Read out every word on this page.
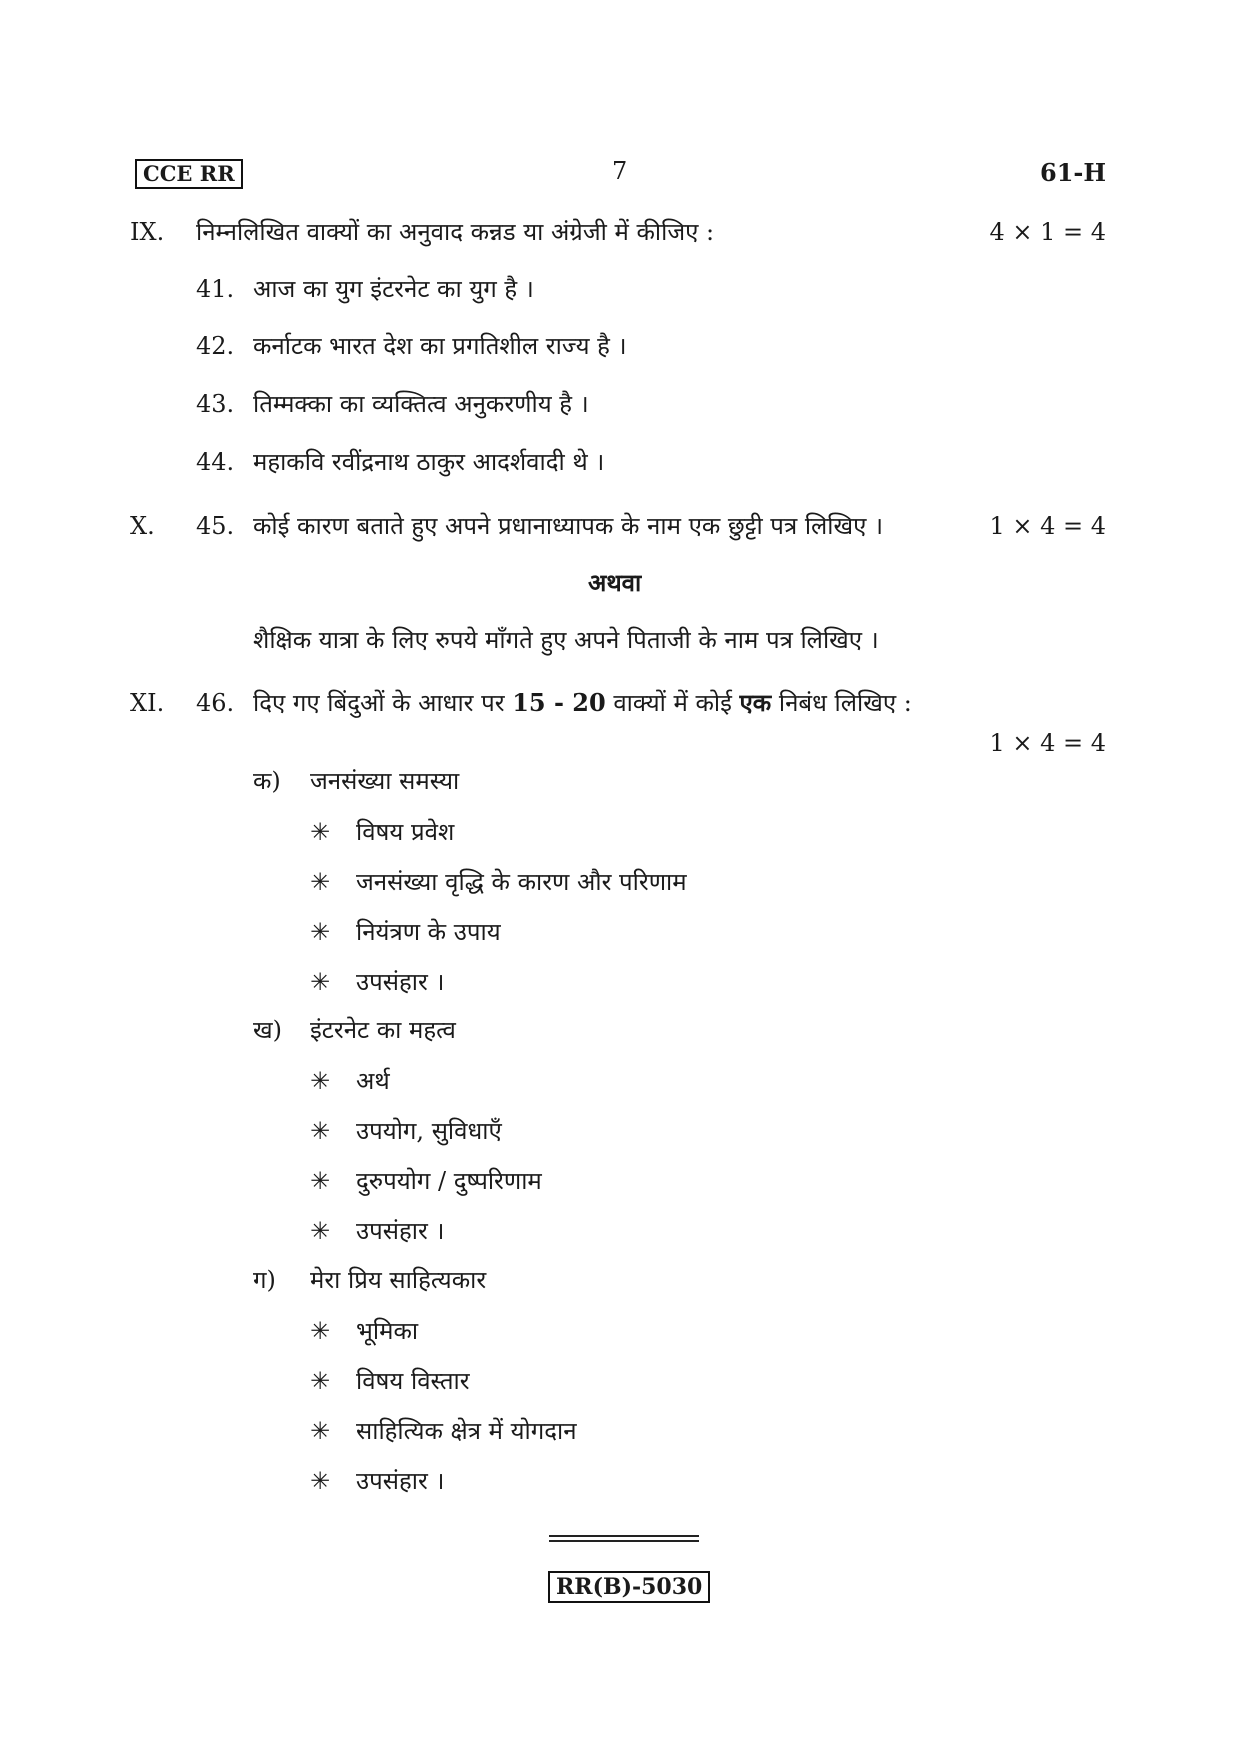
CCE RR	7	61-H
IX. निम्नलिखित वाक्यों का अनुवाद कन्नड या अंग्रेजी में कीजिए :	4 × 1 = 4
41. आज का युग इंटरनेट का युग है ।
42. कर्नाटक भारत देश का प्रगतिशील राज्य है ।
43. तिम्मक्का का व्यक्तित्व अनुकरणीय है ।
44. महाकवि रवींद्रनाथ ठाकुर आदर्शवादी थे ।
X. 45. कोई कारण बताते हुए अपने प्रधानाध्यापक के नाम एक छुट्टी पत्र लिखिए ।	1 × 4 = 4
अथवा
शैक्षिक यात्रा के लिए रुपये माँगते हुए अपने पिताजी के नाम पत्र लिखिए ।
XI. 46. दिए गए बिंदुओं के आधार पर 15 - 20 वाक्यों में कोई एक निबंध लिखिए :
1 × 4 = 4
क) जनसंख्या समस्या
✳ विषय प्रवेश
✳ जनसंख्या वृद्धि के कारण और परिणाम
✳ नियंत्रण के उपाय
✳ उपसंहार ।
ख) इंटरनेट का महत्व
✳ अर्थ
✳ उपयोग, सुविधाएँ
✳ दुरुपयोग / दुष्परिणाम
✳ उपसंहार ।
ग) मेरा प्रिय साहित्यकार
✳ भूमिका
✳ विषय विस्तार
✳ साहित्यिक क्षेत्र में योगदान
✳ उपसंहार ।
RR(B)-5030
